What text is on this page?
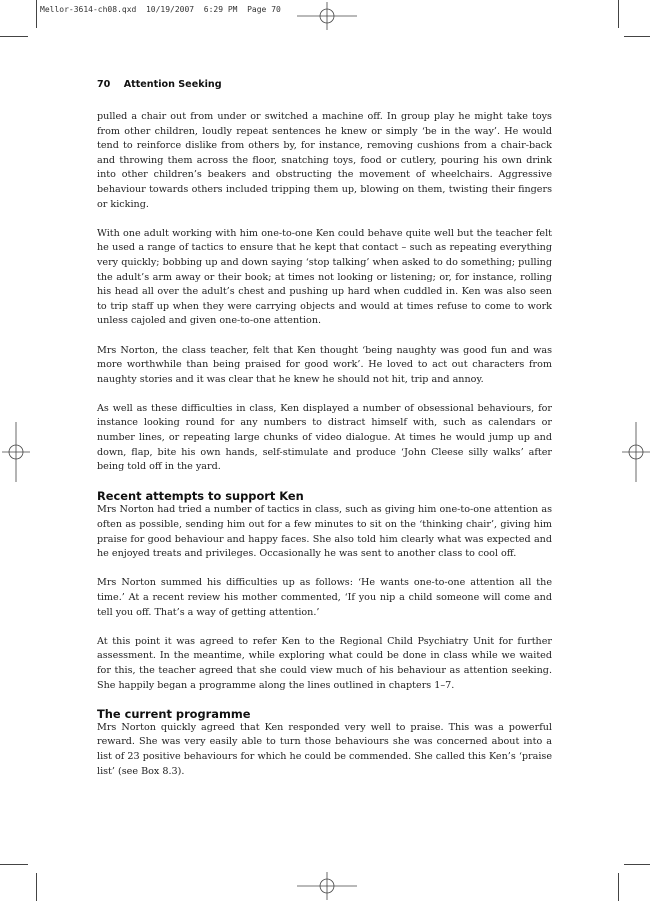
Mellor-3614-ch08.qxd  10/19/2007  6:29 PM  Page 70
70 Attention Seeking

pulled a chair out from under or switched a machine off. In group play he might take toys from other children, loudly repeat sentences he knew or simply ‘be in the way’. He would tend to reinforce dislike from others by, for instance, removing cushions from a chair-back and throwing them across the floor, snatching toys, food or cutlery, pouring his own drink into other children’s beakers and obstructing the movement of wheelchairs. Aggressive behaviour towards others included tripping them up, blowing on them, twisting their fingers or kicking.

With one adult working with him one-to-one Ken could behave quite well but the teacher felt he used a range of tactics to ensure that he kept that contact – such as repeating everything very quickly; bobbing up and down saying ‘stop talking’ when asked to do something; pulling the adult’s arm away or their book; at times not looking or listening; or, for instance, rolling his head all over the adult’s chest and pushing up hard when cuddled in. Ken was also seen to trip staff up when they were carrying objects and would at times refuse to come to work unless cajoled and given one-to-one attention.

Mrs Norton, the class teacher, felt that Ken thought ‘being naughty was good fun and was more worthwhile than being praised for good work’. He loved to act out characters from naughty stories and it was clear that he knew he should not hit, trip and annoy.

As well as these difficulties in class, Ken displayed a number of obsessional behaviours, for instance looking round for any numbers to distract himself with, such as calendars or number lines, or repeating large chunks of video dialogue. At times he would jump up and down, flap, bite his own hands, self-stimulate and produce ‘John Cleese silly walks’ after being told off in the yard.

Recent attempts to support Ken

Mrs Norton had tried a number of tactics in class, such as giving him one-to-one attention as often as possible, sending him out for a few minutes to sit on the ‘thinking chair’, giving him praise for good behaviour and happy faces. She also told him clearly what was expected and he enjoyed treats and privileges. Occasionally he was sent to another class to cool off.

Mrs Norton summed his difficulties up as follows: ‘He wants one-to-one attention all the time.’ At a recent review his mother commented, ‘If you nip a child someone will come and tell you off. That’s a way of getting attention.’

At this point it was agreed to refer Ken to the Regional Child Psychiatry Unit for further assessment. In the meantime, while exploring what could be done in class while we waited for this, the teacher agreed that she could view much of his behaviour as attention seeking. She happily began a programme along the lines outlined in chapters 1–7.

The current programme

Mrs Norton quickly agreed that Ken responded very well to praise. This was a powerful reward. She was very easily able to turn those behaviours she was concerned about into a list of 23 positive behaviours for which he could be commended. She called this Ken’s ‘praise list’ (see Box 8.3).
